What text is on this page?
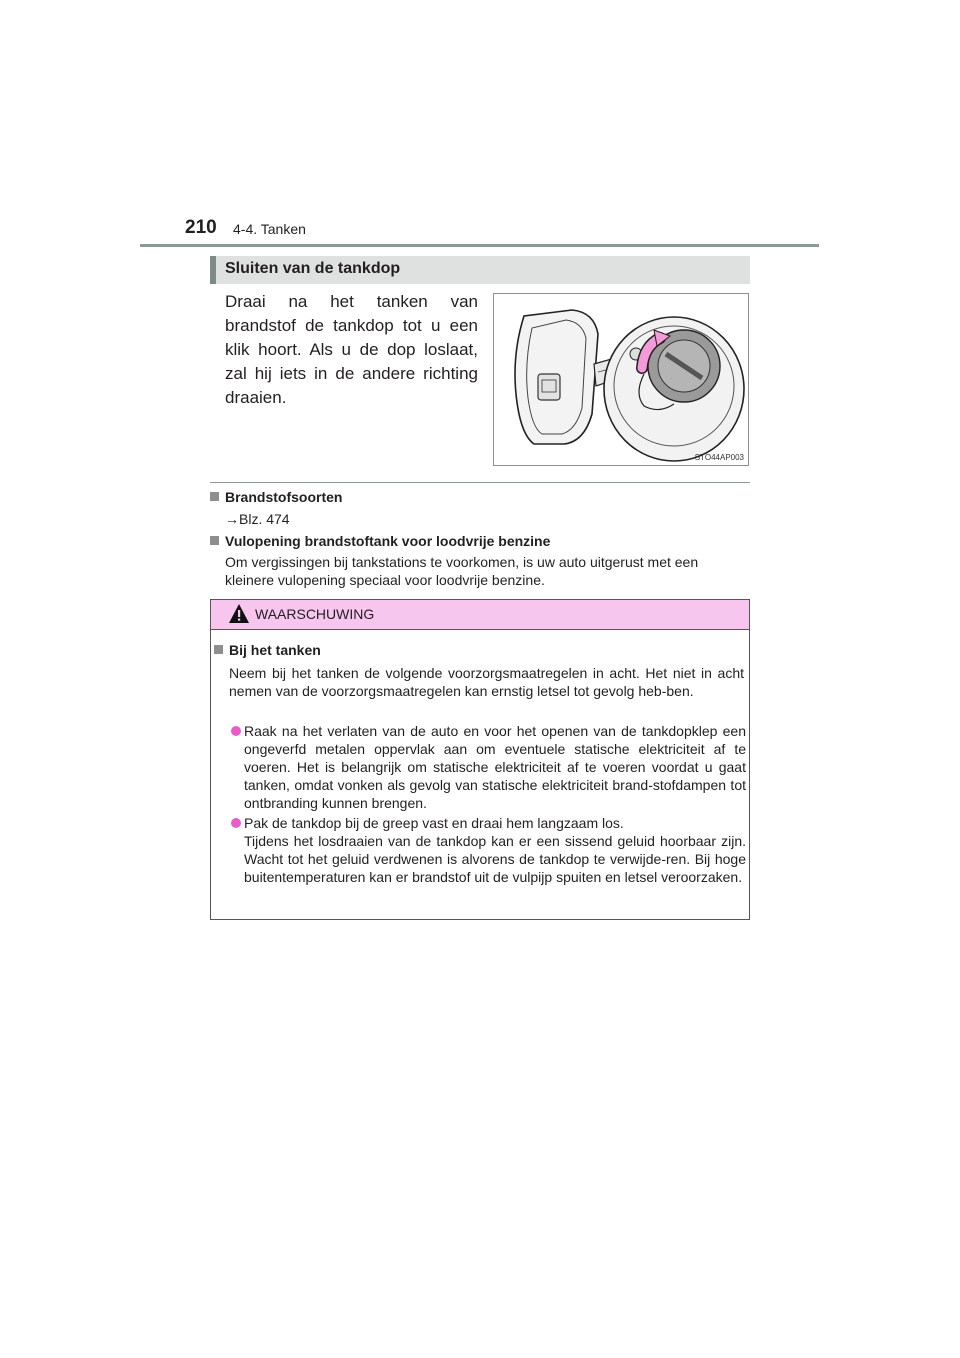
210 4-4. Tanken
Sluiten van de tankdop
Draai na het tanken van brandstof de tankdop tot u een klik hoort. Als u de dop loslaat, zal hij iets in de andere richting draaien.
STO44AP003
Brandstofsoorten
→Blz. 474
Vulopening brandstoftank voor loodvrije benzine
Om vergissingen bij tankstations te voorkomen, is uw auto uitgerust met een kleinere vulopening speciaal voor loodvrije benzine.
WAARSCHUWING
Bij het tanken
Neem bij het tanken de volgende voorzorgsmaatregelen in acht. Het niet in acht nemen van de voorzorgsmaatregelen kan ernstig letsel tot gevolg heb-ben.
Raak na het verlaten van de auto en voor het openen van de tankdopklep een ongeverfd metalen oppervlak aan om eventuele statische elektriciteit af te voeren. Het is belangrijk om statische elektriciteit af te voeren voordat u gaat tanken, omdat vonken als gevolg van statische elektriciteit brand-stofdampen tot ontbranding kunnen brengen.
Pak de tankdop bij de greep vast en draai hem langzaam los.
Tijdens het losdraaien van de tankdop kan er een sissend geluid hoorbaar zijn. Wacht tot het geluid verdwenen is alvorens de tankdop te verwijde-ren. Bij hoge buitentemperaturen kan er brandstof uit de vulpijp spuiten en letsel veroorzaken.
